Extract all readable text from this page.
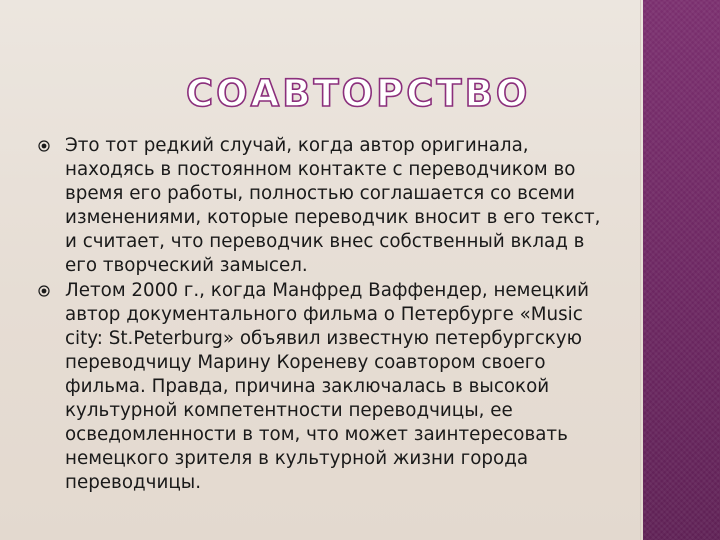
СОАВТОРСТВО
Это тот редкий случай, когда автор оригинала, находясь в постоянном контакте с переводчиком во время его работы, полностью соглашается со всеми изменениями, которые переводчик вносит в его текст, и считает, что переводчик внес собственный вклад в его творческий замысел.
Летом 2000 г., когда Манфред Ваффендер, немецкий автор документального фильма о Петербурге «Music city: St.Peterburg» объявил известную петербургскую переводчицу Марину Кореневу соавтором своего фильма. Правда, причина заключалась в высокой культурной компетентности переводчицы, ее осведомленности в том, что может заинтересовать немецкого зрителя в культурной жизни города переводчицы.
